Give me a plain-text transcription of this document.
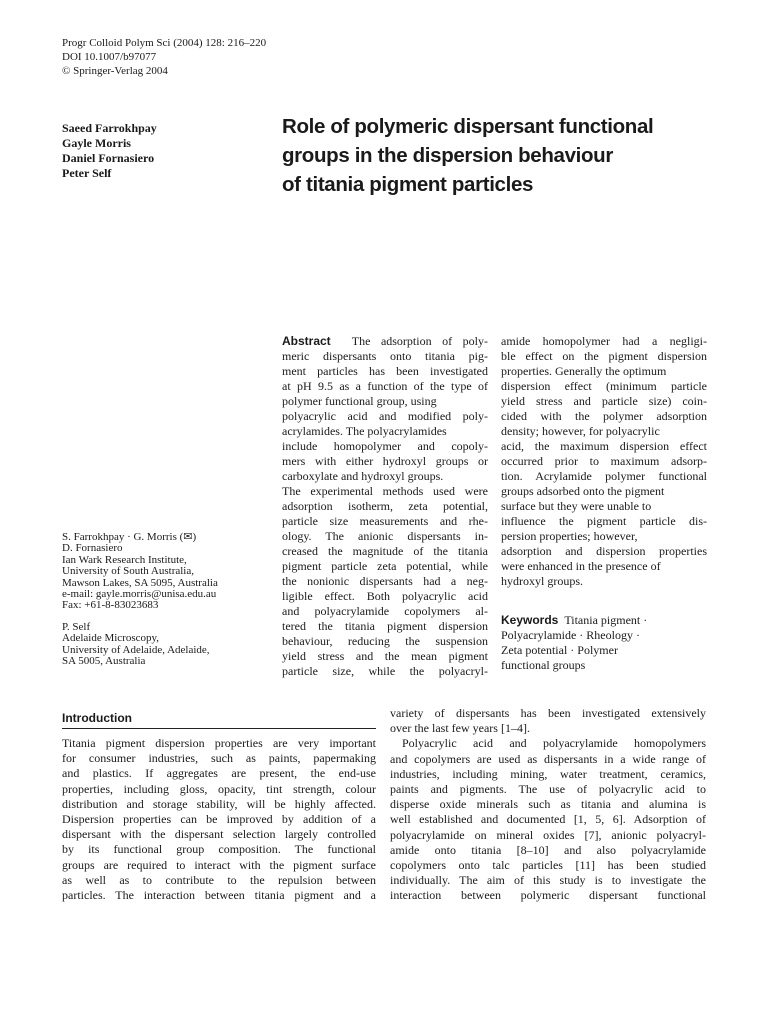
Progr Colloid Polym Sci (2004) 128: 216–220
DOI 10.1007/b97077
© Springer-Verlag 2004
Saeed Farrokhpay
Gayle Morris
Daniel Fornasiero
Peter Self
Role of polymeric dispersant functional
groups in the dispersion behaviour
of titania pigment particles
S. Farrokhpay · G. Morris (✉)
D. Fornasiero
Ian Wark Research Institute,
University of South Australia,
Mawson Lakes, SA 5095, Australia
e-mail: gayle.morris@unisa.edu.au
Fax: +61-8-83023683
P. Self
Adelaide Microscopy,
University of Adelaide, Adelaide,
SA 5005, Australia
Abstract The adsorption of poly-
meric dispersants onto titania pig-
ment particles has been investigated
at pH 9.5 as a function of the type of
polymer functional group, using
polyacrylic acid and modified poly-
acrylamides. The polyacrylamides
include homopolymer and copoly-
mers with either hydroxyl groups or
carboxylate and hydroxyl groups.
The experimental methods used were
adsorption isotherm, zeta potential,
particle size measurements and rhe-
ology. The anionic dispersants in-
creased the magnitude of the titania
pigment particle zeta potential, while
the nonionic dispersants had a neg-
ligible effect. Both polyacrylic acid
and polyacrylamide copolymers al-
tered the titania pigment dispersion
behaviour, reducing the suspension
yield stress and the mean pigment
particle size, while the polyacryl-
amide homopolymer had a negligi-
ble effect on the pigment dispersion
properties. Generally the optimum
dispersion effect (minimum particle
yield stress and particle size) coin-
cided with the polymer adsorption
density; however, for polyacrylic
acid, the maximum dispersion effect
occurred prior to maximum adsorp-
tion. Acrylamide polymer functional
groups adsorbed onto the pigment
surface but they were unable to
influence the pigment particle dis-
persion properties; however,
adsorption and dispersion properties
were enhanced in the presence of
hydroxyl groups.
Keywords Titania pigment ·
Polyacrylamide · Rheology ·
Zeta potential · Polymer
functional groups
Introduction
Titania pigment dispersion properties are very important
for consumer industries, such as paints, papermaking
and plastics. If aggregates are present, the end-use
properties, including gloss, opacity, tint strength, colour
distribution and storage stability, will be highly affected.
Dispersion properties can be improved by addition of a
dispersant with the dispersant selection largely controlled
by its functional group composition. The functional
groups are required to interact with the pigment surface
as well as to contribute to the repulsion between
particles. The interaction between titania pigment and a
variety of dispersants has been investigated extensively
over the last few years [1–4].
Polyacrylic acid and polyacrylamide homopolymers
and copolymers are used as dispersants in a wide range of
industries, including mining, water treatment, ceramics,
paints and pigments. The use of polyacrylic acid to
disperse oxide minerals such as titania and alumina is
well established and documented [1, 5, 6]. Adsorption of
polyacrylamide on mineral oxides [7], anionic polyacryl-
amide onto titania [8–10] and also polyacrylamide
copolymers onto talc particles [11] has been studied
individually. The aim of this study is to investigate the
interaction between polymeric dispersant functional
